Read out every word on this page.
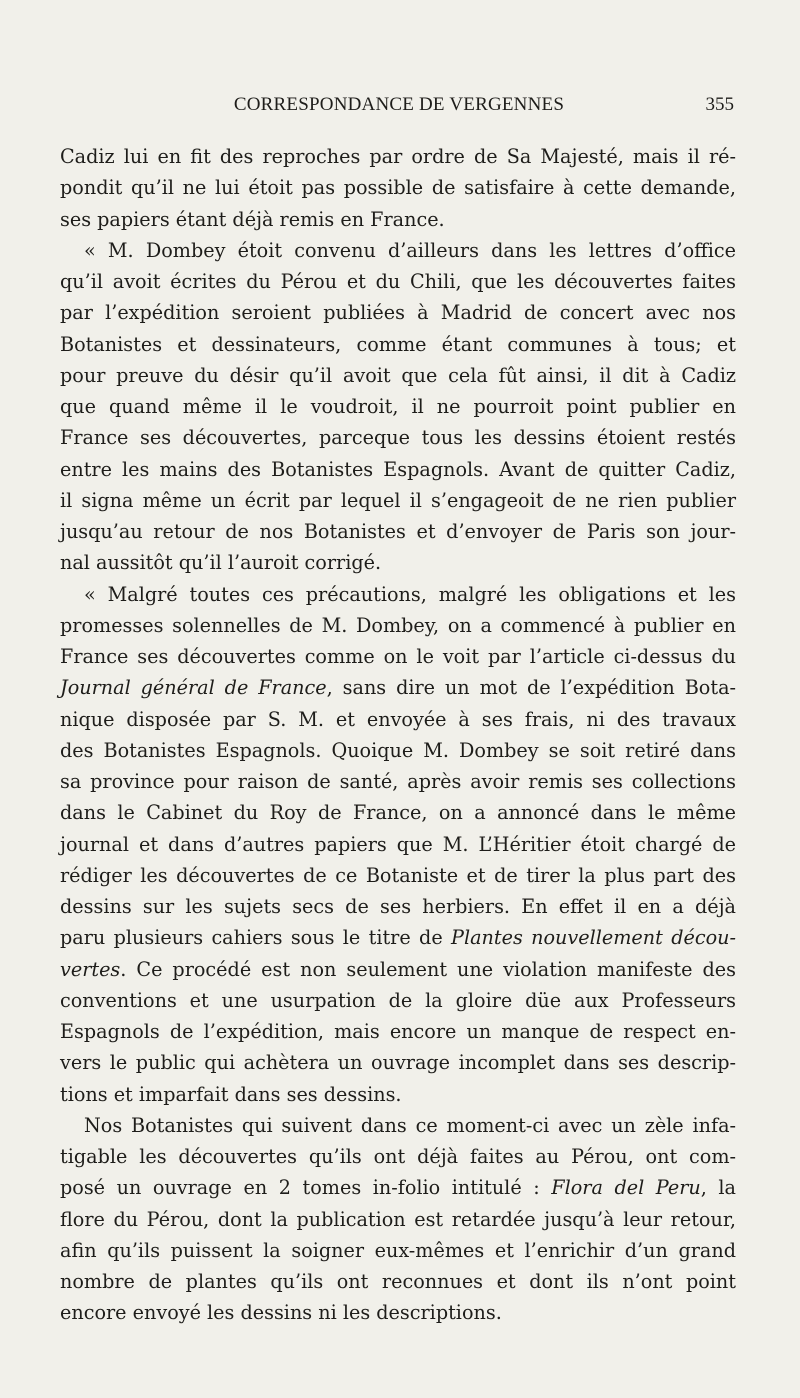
CORRESPONDANCE DE VERGENNES	355
Cadiz lui en fit des reproches par ordre de Sa Majesté, mais il ré-
pondit qu’il ne lui étoit pas possible de satisfaire à cette demande,
ses papiers étant déjà remis en France.
« M. Dombey étoit convenu d’ailleurs dans les lettres d’office
qu’il avoit écrites du Pérou et du Chili, que les découvertes faites
par l’expédition seroient publiées à Madrid de concert avec nos
Botanistes et dessinateurs, comme étant communes à tous; et
pour preuve du désir qu’il avoit que cela fût ainsi, il dit à Cadiz
que quand même il le voudroit, il ne pourroit point publier en
France ses découvertes, parceque tous les dessins étoient restés
entre les mains des Botanistes Espagnols. Avant de quitter Cadiz,
il signa même un écrit par lequel il s’engageoit de ne rien publier
jusqu’au retour de nos Botanistes et d’envoyer de Paris son jour-
nal aussitôt qu’il l’auroit corrigé.
« Malgré toutes ces précautions, malgré les obligations et les
promesses solennelles de M. Dombey, on a commencé à publier en
France ses découvertes comme on le voit par l’article ci-dessus du
Journal général de France, sans dire un mot de l’expédition Bota-
nique disposée par S. M. et envoyée à ses frais, ni des travaux
des Botanistes Espagnols. Quoique M. Dombey se soit retiré dans
sa province pour raison de santé, après avoir remis ses collections
dans le Cabinet du Roy de France, on a annoncé dans le même
journal et dans d’autres papiers que M. L’Héritier étoit chargé de
rédiger les découvertes de ce Botaniste et de tirer la plus part des
dessins sur les sujets secs de ses herbiers. En effet il en a déjà
paru plusieurs cahiers sous le titre de Plantes nouvellement décou-
vertes. Ce procédé est non seulement une violation manifeste des
conventions et une usurpation de la gloire düe aux Professeurs
Espagnols de l’expédition, mais encore un manque de respect en-
vers le public qui achètera un ouvrage incomplet dans ses descrip-
tions et imparfait dans ses dessins.
Nos Botanistes qui suivent dans ce moment-ci avec un zèle infa-
tigable les découvertes qu’ils ont déjà faites au Pérou, ont com-
posé un ouvrage en 2 tomes in-folio intitulé : Flora del Peru, la
flore du Pérou, dont la publication est retardée jusqu’à leur retour,
afin qu’ils puissent la soigner eux-mêmes et l’enrichir d’un grand
nombre de plantes qu’ils ont reconnues et dont ils n’ont point
encore envoyé les dessins ni les descriptions.
